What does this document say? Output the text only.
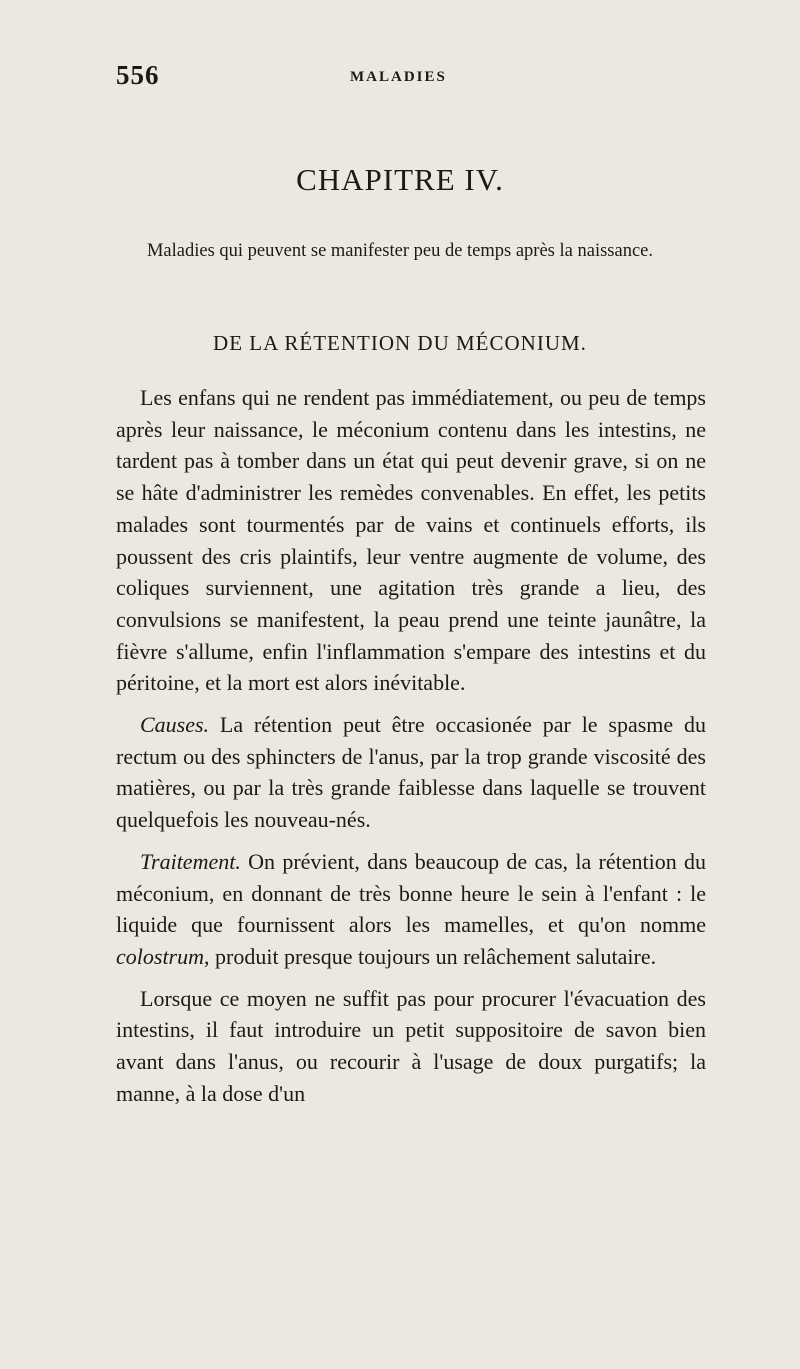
556	MALADIES
CHAPITRE IV.
Maladies qui peuvent se manifester peu de temps après la naissance.
DE LA RÉTENTION DU MÉCONIUM.

Les enfans qui ne rendent pas immédiatement, ou peu de temps après leur naissance, le méconium contenu dans les intestins, ne tardent pas à tomber dans un état qui peut devenir grave, si on ne se hâte d'administrer les remèdes convenables. En effet, les petits malades sont tourmentés par de vains et continuels efforts, ils poussent des cris plaintifs, leur ventre augmente de volume, des coliques surviennent, une agitation très grande a lieu, des convulsions se manifestent, la peau prend une teinte jaunâtre, la fièvre s'allume, enfin l'inflammation s'empare des intestins et du péritoine, et la mort est alors inévitable.

Causes. La rétention peut être occasionée par le spasme du rectum ou des sphincters de l'anus, par la trop grande viscosité des matières, ou par la très grande faiblesse dans laquelle se trouvent quelquefois les nouveau-nés.

Traitement. On prévient, dans beaucoup de cas, la rétention du méconium, en donnant de très bonne heure le sein à l'enfant : le liquide que fournissent alors les mamelles, et qu'on nomme colostrum, produit presque toujours un relâchement salutaire.

Lorsque ce moyen ne suffit pas pour procurer l'évacuation des intestins, il faut introduire un petit suppositoire de savon bien avant dans l'anus, ou recourir à l'usage de doux purgatifs; la manne, à la dose d'un
